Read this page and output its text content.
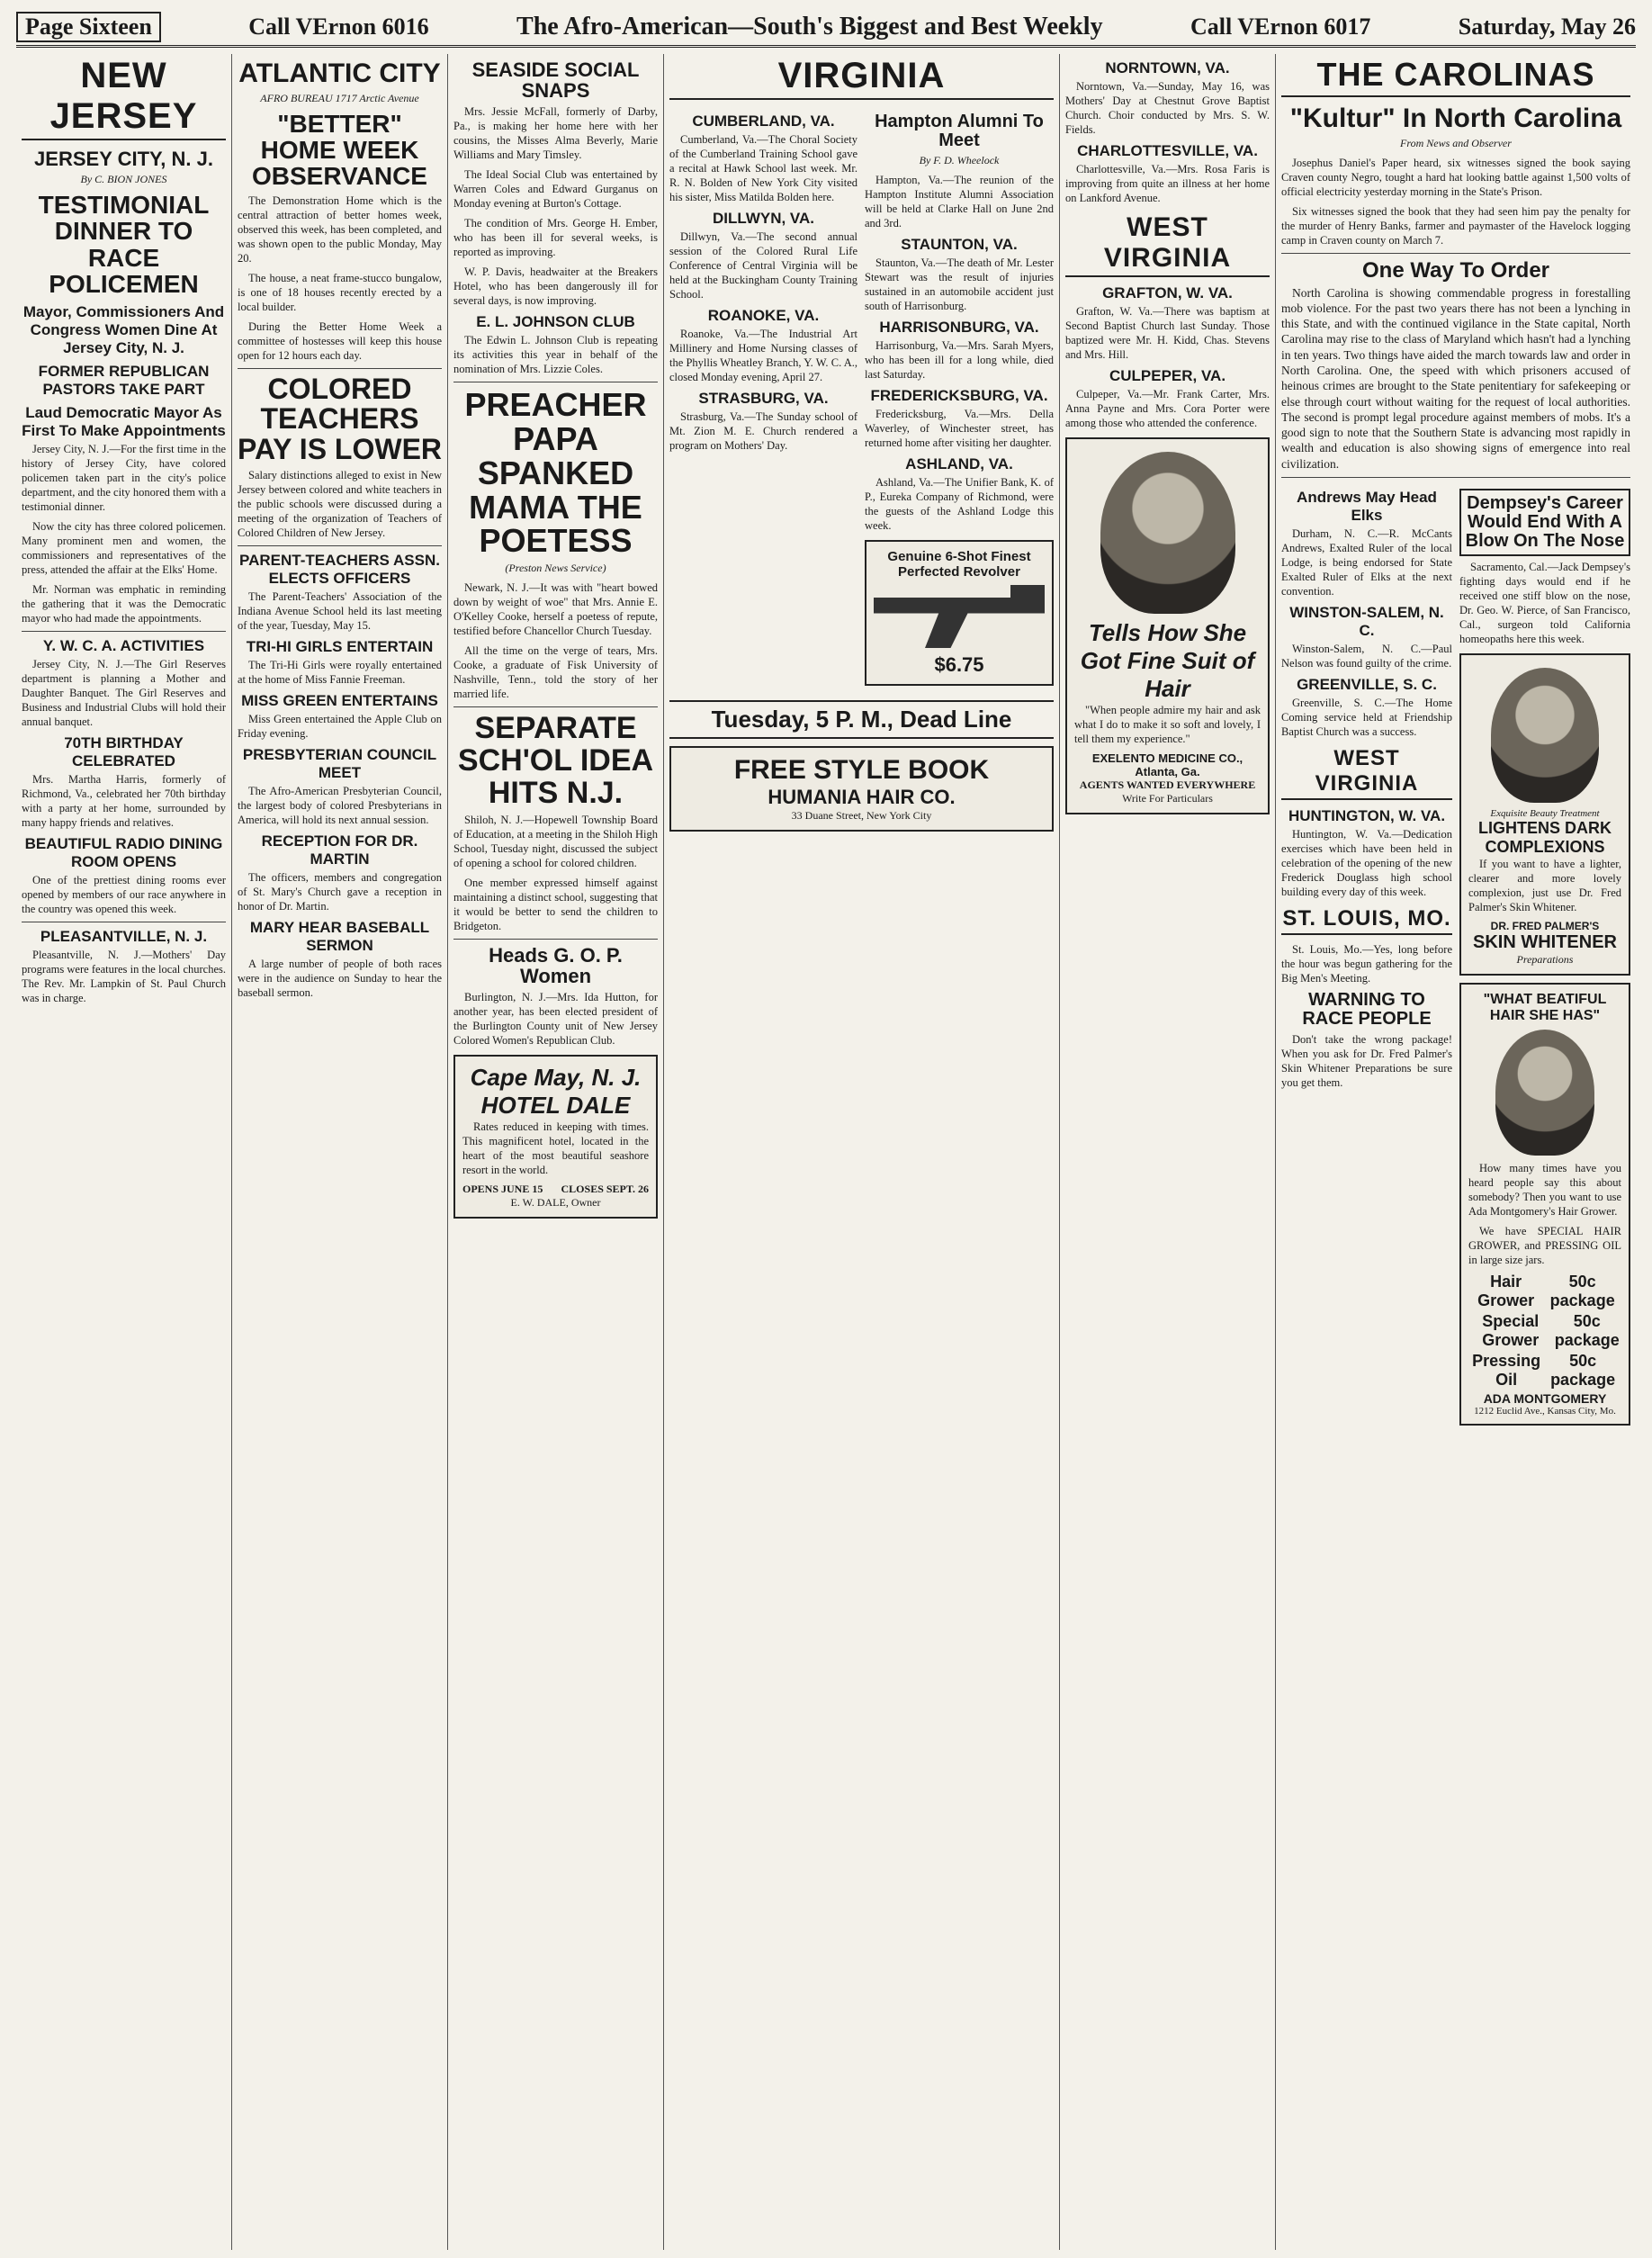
Page Sixteen	Call VErnon 6016	The Afro-American—South's Biggest and Best Weekly	Call VErnon 6017	Saturday, May 26
NEW JERSEY
JERSEY CITY, N. J.
By C. BION JONES
TESTIMONIAL DINNER TO RACE POLICEMEN
Mayor, Commissioners And Congress Women Dine At Jersey City, N. J.
FORMER REPUBLICAN PASTORS TAKE PART
Laud Democratic Mayor As First To Make Appointments

Jersey City, N. J.—For the first time in the history of Jersey City, have colored policemen taken part in the city's police department, and the city honored them with a testimonial dinner.

Now the city has three colored policemen. Many prominent men and women, the commissioners and representatives of the press, attended the affair at the Elks' Home.

Mr. Norman was emphatic in reminding the gathering that it was the Democratic mayor who had made the appointments.

Y. W. C. A. ACTIVITIES

Jersey City, N. J.—The Girl Reserves department is planning a Mother and Daughter Banquet. The Girl Reserves and Business and Industrial Clubs will hold their annual banquet.

70TH BIRTHDAY CELEBRATED

Mrs. Martha Harris, formerly of Richmond, Va., celebrated her 70th birthday with a party at her home, surrounded by many happy friends and relatives.

BEAUTIFUL RADIO DINING ROOM OPENS

One of the prettiest dining rooms ever opened by members of our race anywhere in the country was opened this week.

PLEASANTVILLE, N. J.

Pleasantville, N. J.—Mothers' Day programs were features in the local churches. The Rev. Mr. Lampkin of St. Paul Church was in charge.

ATLANTIC CITY
AFRO BUREAU 1717 Arctic Avenue
"BETTER" HOME WEEK OBSERVANCE

The Demonstration Home which is the central attraction of better homes week, observed this week, has been completed, and was shown open to the public Monday, May 20.

The house, a neat frame-stucco bungalow, is one of 18 houses recently erected by a local builder.

During the Better Home Week a committee of hostesses will keep this house open for 12 hours each day.

COLORED TEACHERS PAY IS LOWER

Salary distinctions alleged to exist in New Jersey between colored and white teachers in the public schools were discussed during a meeting of the organization of Teachers of Colored Children of New Jersey.

PARENT-TEACHERS ASSN. ELECTS OFFICERS

The Parent-Teachers' Association of the Indiana Avenue School held its last meeting of the year, Tuesday, May 15.

TRI-HI GIRLS ENTERTAIN

The Tri-Hi Girls were royally entertained at the home of Miss Fannie Freeman.

MISS GREEN ENTERTAINS

Miss Green entertained the Apple Club on Friday evening.

PRESBYTERIAN COUNCIL MEET

The Afro-American Presbyterian Council, the largest body of colored Presbyterians in America, will hold its next annual session.

RECEPTION FOR DR. MARTIN

The officers, members and congregation of St. Mary's Church gave a reception in honor of Dr. Martin.

MARY HEAR BASEBALL SERMON

A large number of people of both races were in the audience on Sunday to hear the baseball sermon.

SEASIDE SOCIAL SNAPS

Mrs. Jessie McFall, formerly of Darby, Pa., is making her home here with her cousins, the Misses Alma Beverly, Marie Williams and Mary Timsley.

The Ideal Social Club was entertained by Warren Coles and Edward Gurganus on Monday evening at Burton's Cottage.

The condition of Mrs. George H. Ember, who has been ill for several weeks, is reported as improving.

W. P. Davis, headwaiter at the Breakers Hotel, who has been dangerously ill for several days, is now improving.

E. L. JOHNSON CLUB

The Edwin L. Johnson Club is repeating its activities this year in behalf of the nomination of Mrs. Lizzie Coles.

PREACHER PAPA SPANKED MAMA THE POETESS
(Preston News Service)

Newark, N. J.—It was with "heart bowed down by weight of woe" that Mrs. Annie E. O'Kelley Cooke, herself a poetess of repute, testified before Chancellor Church Tuesday.

All the time on the verge of tears, Mrs. Cooke, a graduate of Fisk University of Nashville, Tenn., told the story of her married life.

SEPARATE SCH'OL IDEA HITS N.J.

Shiloh, N. J.—Hopewell Township Board of Education, at a meeting in the Shiloh High School, Tuesday night, discussed the subject of opening a school for colored children.

One member expressed himself against maintaining a distinct school, suggesting that it would be better to send the children to Bridgeton.

Heads G. O. P. Women

Burlington, N. J.—Mrs. Ida Hutton, for another year, has been elected president of the Burlington County unit of New Jersey Colored Women's Republican Club.

Cape May, N. J. HOTEL DALE

Rates reduced in keeping with times. This magnificent hotel, located in the heart of the most beautiful seashore resort in the world.

OPENS JUNE 15 CLOSES SEPT. 26
E. W. DALE, Owner
VIRGINIA
CUMBERLAND, VA.

Cumberland, Va.—The Choral Society of the Cumberland Training School gave a recital at Hawk School last week. Mr. R. N. Bolden of New York City visited his sister, Miss Matilda Bolden here.

DILLWYN, VA.

Dillwyn, Va.—The second annual session of the Colored Rural Life Conference of Central Virginia will be held at the Buckingham County Training School.

ROANOKE, VA.

Roanoke, Va.—The Industrial Art Millinery and Home Nursing classes of the Phyllis Wheatley Branch, Y. W. C. A., closed Monday evening, April 27.

STRASBURG, VA.

Strasburg, Va.—The Sunday school of Mt. Zion M. E. Church rendered a program on Mothers' Day.

Hampton Alumni To Meet
By F. D. Wheelock

Hampton, Va.—The reunion of the Hampton Institute Alumni Association will be held at Clarke Hall on June 2nd and 3rd.

STAUNTON, VA.

Staunton, Va.—The death of Mr. Lester Stewart was the result of injuries sustained in an automobile accident just south of Harrisonburg.

HARRISONBURG, VA.

Harrisonburg, Va.—Mrs. Sarah Myers, who has been ill for a long while, died last Saturday.

FREDERICKSBURG, VA.

Fredericksburg, Va.—Mrs. Della Waverley, of Winchester street, has returned home after visiting her daughter.

ASHLAND, VA.

Ashland, Va.—The Unifier Bank, K. of P., Eureka Company of Richmond, were the guests of the Ashland Lodge this week.

Genuine 6-Shot Finest Perfected Revolver
$6.75
Tuesday, 5 P. M., Dead Line
FREE STYLE BOOK
HUMANIA HAIR CO.
33 Duane Street, New York City
NORNTOWN, VA.

Norntown, Va.—Sunday, May 16, was Mothers' Day at Chestnut Grove Baptist Church. Choir conducted by Mrs. S. W. Fields.

CHARLOTTESVILLE, VA.

Charlottesville, Va.—Mrs. Rosa Faris is improving from quite an illness at her home on Lankford Avenue.

WEST VIRGINIA
GRAFTON, W. VA.

Grafton, W. Va.—There was baptism at Second Baptist Church last Sunday. Those baptized were Mr. H. Kidd, Chas. Stevens and Mrs. Hill.

CULPEPER, VA.

Culpeper, Va.—Mr. Frank Carter, Mrs. Anna Payne and Mrs. Cora Porter were among those who attended the conference.

Tells How She Got Fine Suit of Hair

"When people admire my hair and ask what I do to make it so soft and lovely, I tell them my experience."

EXELENTO MEDICINE CO., Atlanta, Ga.
AGENTS WANTED EVERYWHERE
Write For Particulars
THE CAROLINAS
"Kultur" In North Carolina
From News and Observer

Josephus Daniel's Paper heard, six witnesses signed the book saying Craven county Negro, tought a hard hat looking battle against 1,500 volts of official electricity yesterday morning in the State's Prison.

Six witnesses signed the book that they had seen him pay the penalty for the murder of Henry Banks, farmer and paymaster of the Havelock logging camp in Craven county on March 7.

One Way To Order

North Carolina is showing commendable progress in forestalling mob violence. For the past two years there has not been a lynching in this State, and with the continued vigilance in the State capital, North Carolina may rise to the class of Maryland which hasn't had a lynching in ten years. Two things have aided the march towards law and order in North Carolina. One, the speed with which prisoners accused of heinous crimes are brought to the State penitentiary for safekeeping or else through court without waiting for the request of local authorities. The second is prompt legal procedure against members of mobs. It's a good sign to note that the Southern State is advancing most rapidly in wealth and education is also showing signs of emergence into real civilization.

Andrews May Head Elks

Durham, N. C.—R. McCants Andrews, Exalted Ruler of the local Lodge, is being endorsed for State Exalted Ruler of Elks at the next convention.

WINSTON-SALEM, N. C.

Winston-Salem, N. C.—Paul Nelson was found guilty of the crime.

GREENVILLE, S. C.

Greenville, S. C.—The Home Coming service held at Friendship Baptist Church was a success.

WEST VIRGINIA
HUNTINGTON, W. VA.

Huntington, W. Va.—Dedication exercises which have been held in celebration of the opening of the new Frederick Douglass high school building every day of this week.

ST. LOUIS, MO.

St. Louis, Mo.—Yes, long before the hour was begun gathering for the Big Men's Meeting.

WARNING TO RACE PEOPLE

Don't take the wrong package! When you ask for Dr. Fred Palmer's Skin Whitener Preparations be sure you get them.

Dempsey's Career Would End With A Blow On The Nose

Sacramento, Cal.—Jack Dempsey's fighting days would end if he received one stiff blow on the nose, Dr. Geo. W. Pierce, of San Francisco, Cal., surgeon told California homeopaths here this week.

Exquisite Beauty Treatment
LIGHTENS DARK COMPLEXIONS

If you want to have a lighter, clearer and more lovely complexion, just use Dr. Fred Palmer's Skin Whitener.

DR. FRED PALMER'S
SKIN WHITENER
Preparations
"WHAT BEATIFUL HAIR SHE HAS"

How many times have you heard people say this about somebody? Then you want to use Ada Montgomery's Hair Grower.

We have SPECIAL HAIR GROWER, and PRESSING OIL in large size jars.

Hair Grower
50c package
Special Grower
50c package
Pressing Oil
50c package
ADA MONTGOMERY
1212 Euclid Ave., Kansas City, Mo.
